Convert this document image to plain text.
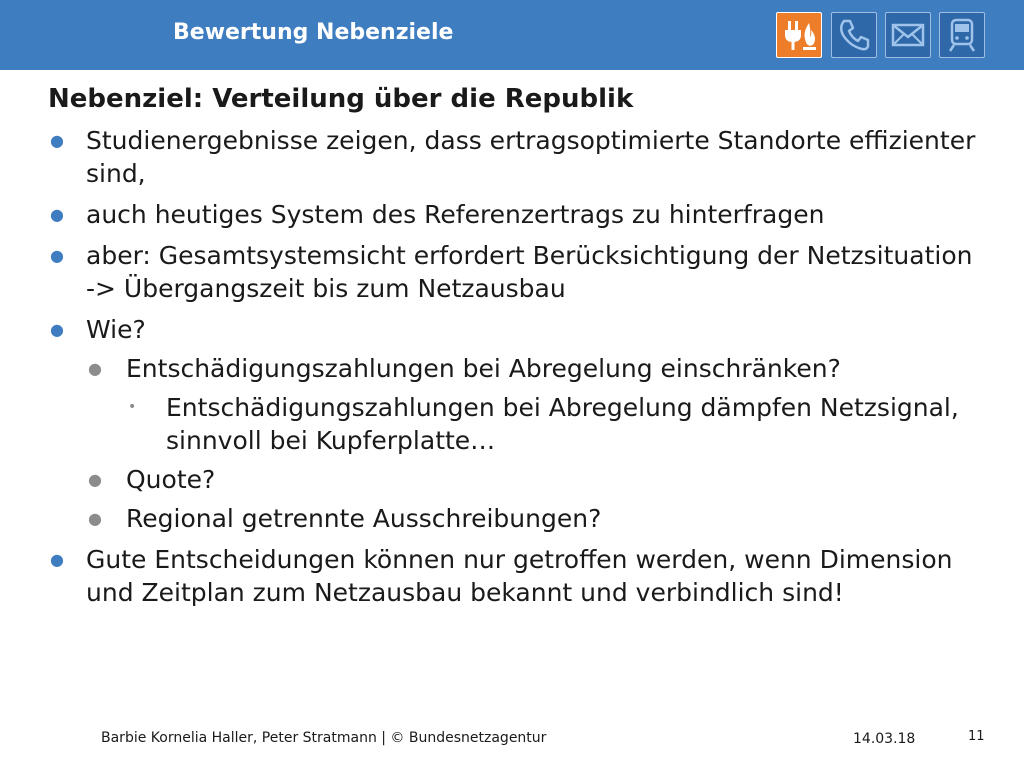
Bewertung Nebenziele
Nebenziel: Verteilung über die Republik
● Studienergebnisse zeigen, dass ertragsoptimierte Standorte effizienter sind,
● auch heutiges System des Referenzertrags zu hinterfragen
● aber: Gesamtsystemsicht erfordert Berücksichtigung der Netzsituation -> Übergangszeit bis zum Netzausbau
● Wie?
● Entschädigungszahlungen bei Abregelung einschränken?
• Entschädigungszahlungen bei Abregelung dämpfen Netzsignal, sinnvoll bei Kupferplatte…
● Quote?
● Regional getrennte Ausschreibungen?
● Gute Entscheidungen können nur getroffen werden, wenn Dimension und Zeitplan zum Netzausbau bekannt und verbindlich sind!
Barbie Kornelia Haller, Peter Stratmann | © Bundesnetzagentur	14.03.18	11
